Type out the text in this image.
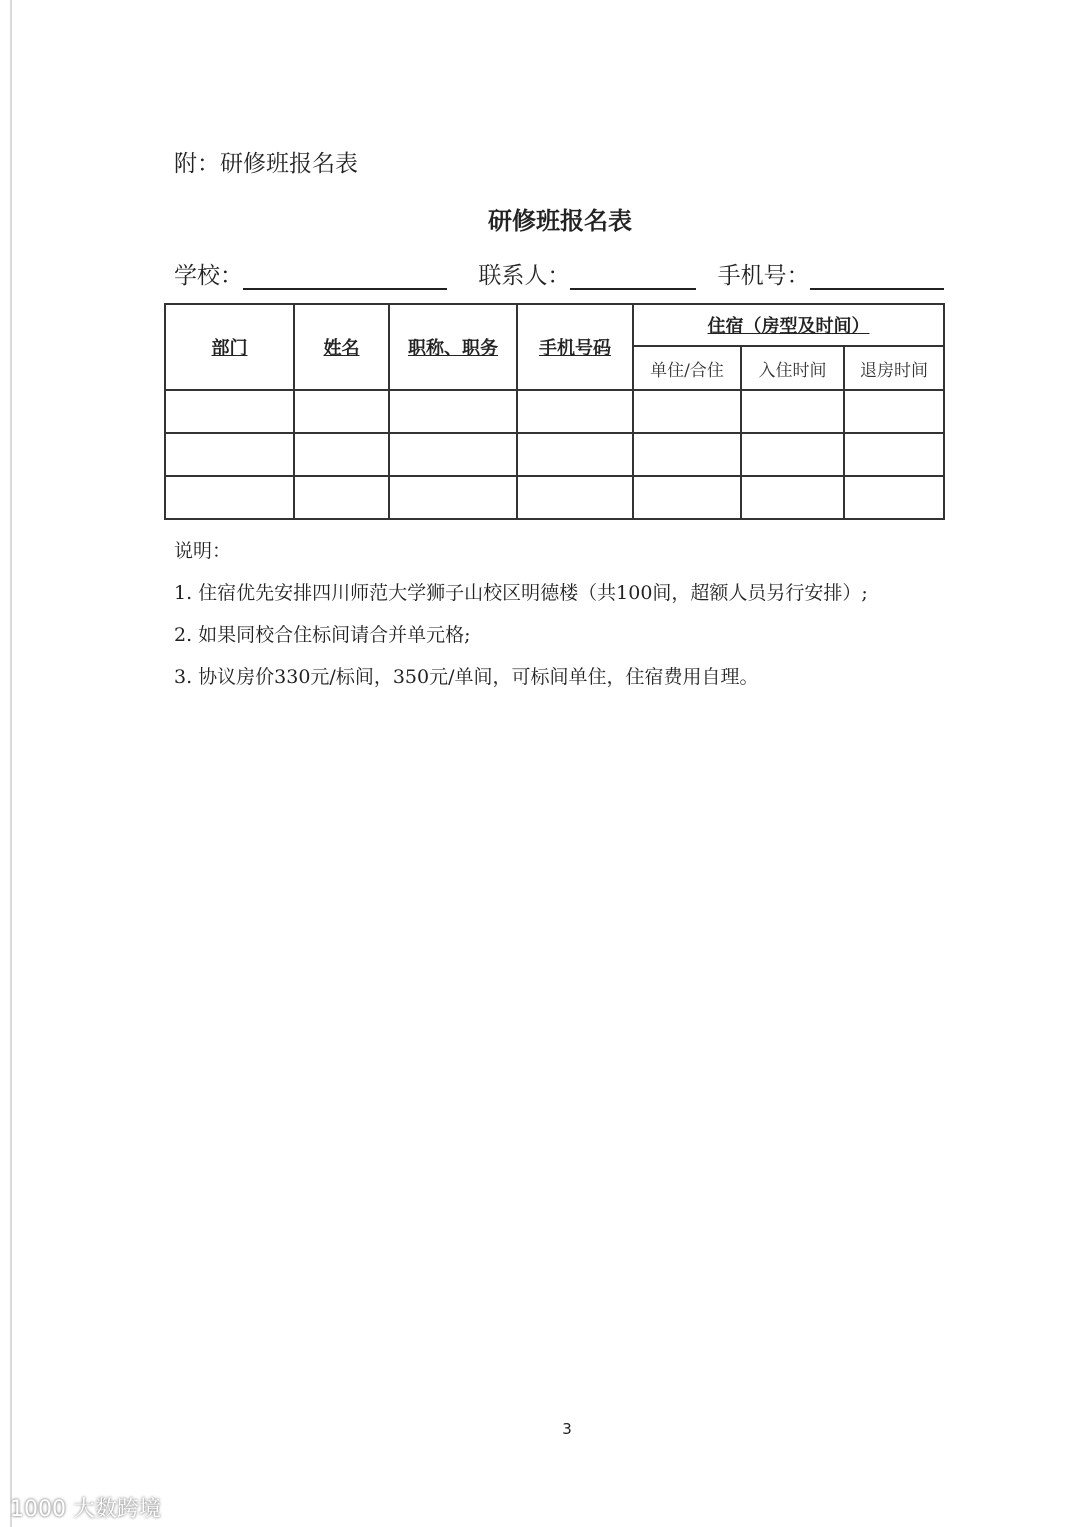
附：研修班报名表
研修班报名表
学校：	联系人：	手机号：
部门	姓名	职称、职务	手机号码	住宿（房型及时间）		
				单住/合住	入住时间	退房时间

说明：
1. 住宿优先安排四川师范大学狮子山校区明德楼（共100间，超额人员另行安排）;
2. 如果同校合住标间请合并单元格;
3. 协议房价330元/标间，350元/单间，可标间单住，住宿费用自理。
3
1000 大数跨境
